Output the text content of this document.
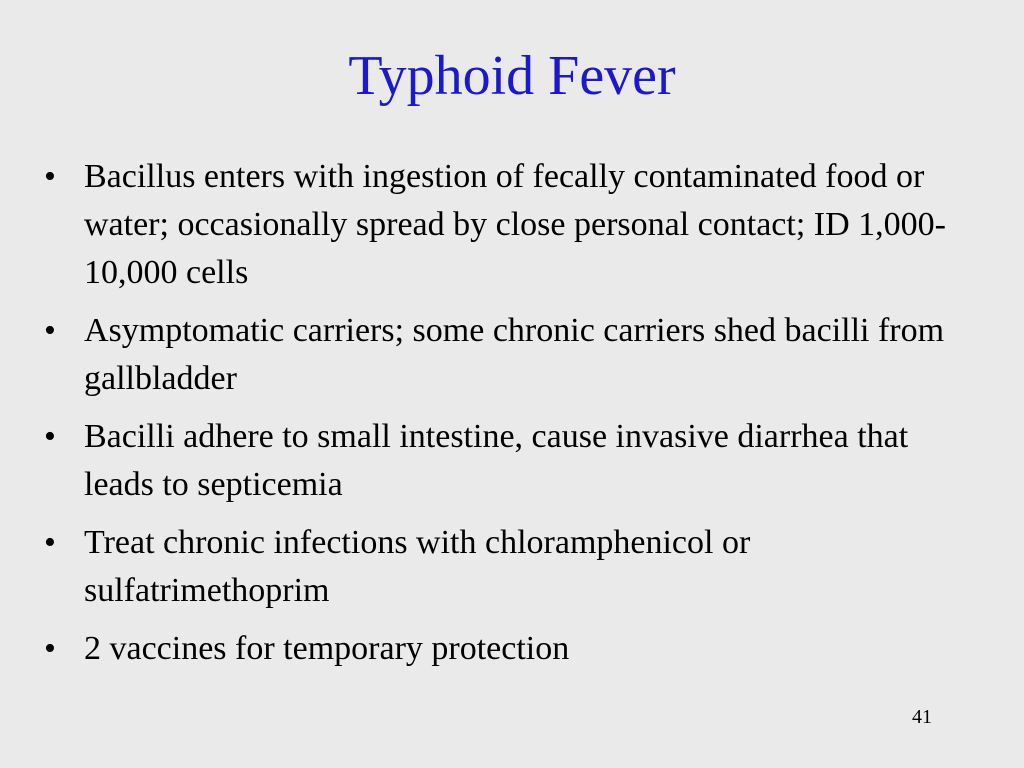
Typhoid Fever
• Bacillus enters with ingestion of fecally contaminated food or water; occasionally spread by close personal contact; ID 1,000-10,000 cells
• Asymptomatic carriers; some chronic carriers shed bacilli from gallbladder
• Bacilli adhere to small intestine, cause invasive diarrhea that leads to septicemia
• Treat chronic infections with chloramphenicol or sulfatrimethoprim
• 2 vaccines for temporary protection
41
